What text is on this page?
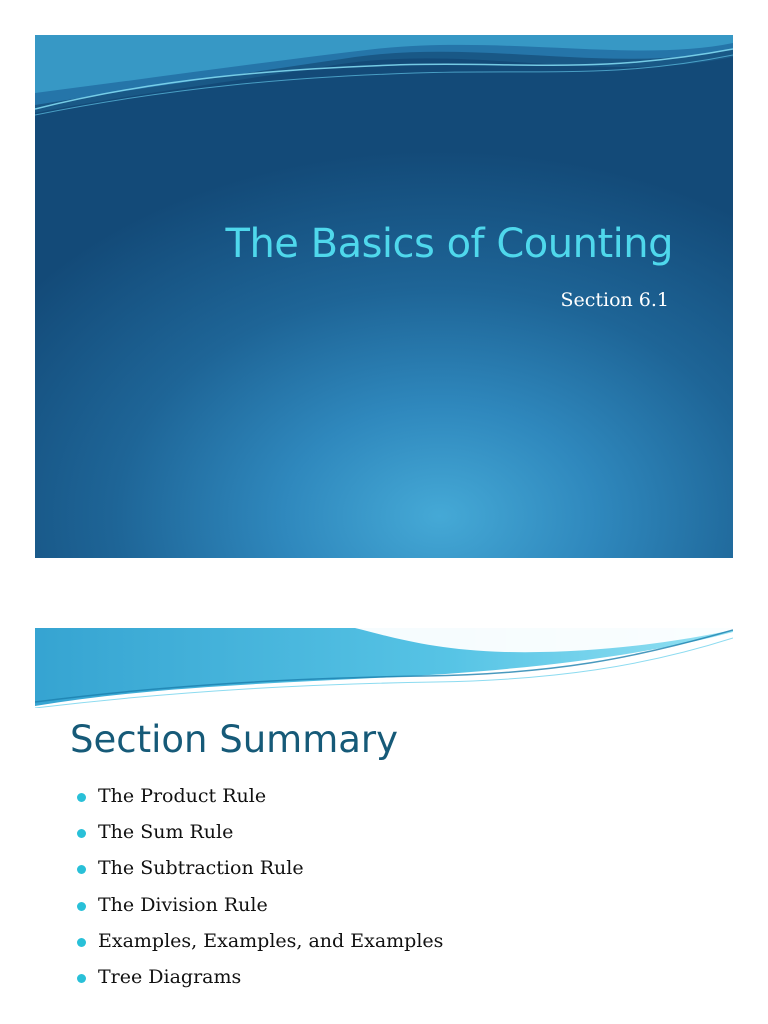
The Basics of Counting
Section 6.1
Section Summary
The Product Rule
The Sum Rule
The Subtraction Rule
The Division Rule
Examples, Examples, and Examples
Tree Diagrams
